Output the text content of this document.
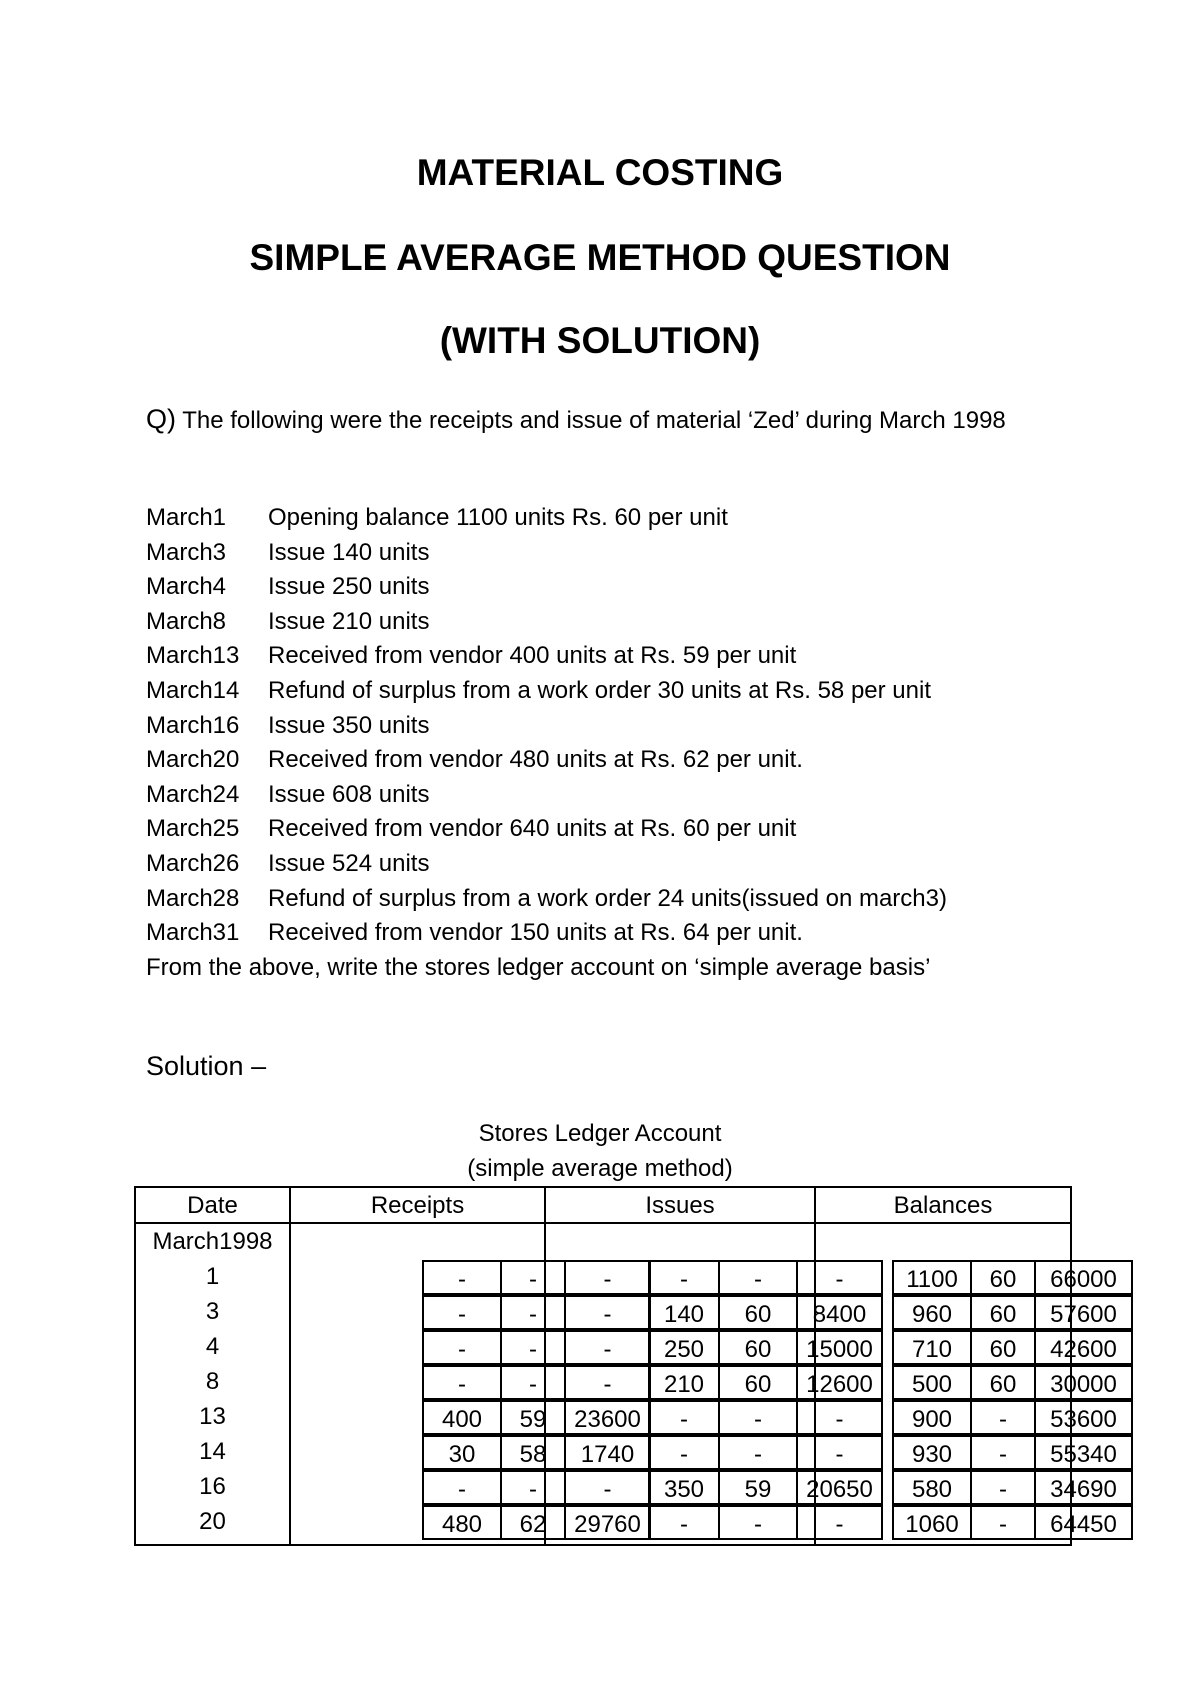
MATERIAL COSTING
SIMPLE AVERAGE METHOD QUESTION
(WITH SOLUTION)

Q) The following were the receipts and issue of material ‘Zed’ during March 1998

March1 Opening balance 1100 units Rs. 60 per unit
March3 Issue 140 units
March4 Issue 250 units
March8 Issue 210 units
March13 Received from vendor 400 units at Rs. 59 per unit
March14 Refund of surplus from a work order 30 units at Rs. 58 per unit
March16 Issue 350 units
March20 Received from vendor 480 units at Rs. 62 per unit.
March24 Issue 608 units
March25 Received from vendor 640 units at Rs. 60 per unit
March26 Issue 524 units
March28 Refund of surplus from a work order 24 units(issued on march3)
March31 Received from vendor 150 units at Rs. 64 per unit.

From the above, write the stores ledger account on ‘simple average basis’

Solution –

Stores Ledger Account

(simple average method)

Date	Receipts	Issues	Balances
March1998
1	-	-	-	-	-	-	1100	60	66000
3	-	-	-	140	60	8400	960	60	57600
4	-	-	-	250	60	15000	710	60	42600
8	-	-	-	210	60	12600	500	60	30000
13	400	59	23600	-	-	-	900	-	53600
14	30	58	1740	-	-	-	930	-	55340
16	-	-	-	350	59	20650	580	-	34690
20	480	62	29760	-	-	-	1060	-	64450
